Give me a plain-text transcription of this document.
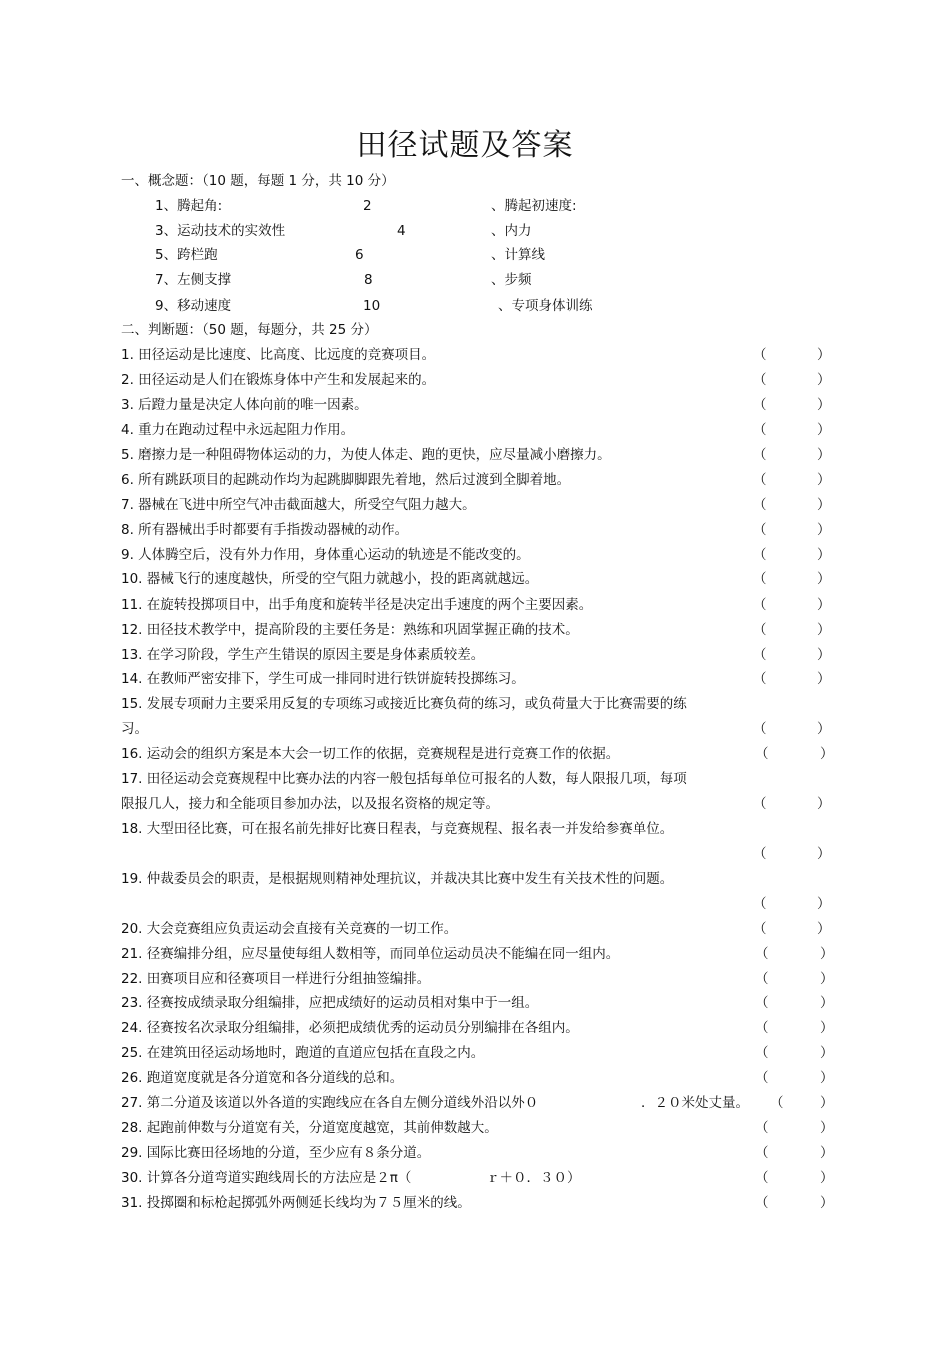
田径试题及答案
一、概念题：（10 题，每题 1 分，共 10 分）
1、腾起角:	2	、腾起初速度:
3、运动技术的实效性	4	、内力
5、跨栏跑	6	、计算线
7、左侧支撑	8	、步频
9、移动速度	10	、专项身体训练
二、判断题：（50 题，每题分，共 25 分）
1. 田径运动是比速度、比高度、比远度的竞赛项目。	（	）
2. 田径运动是人们在锻炼身体中产生和发展起来的。	（	）
3. 后蹬力量是决定人体向前的唯一因素。	（	）
4. 重力在跑动过程中永远起阻力作用。	（	）
5. 磨擦力是一种阻碍物体运动的力，为使人体走、跑的更快，应尽量减小磨擦力。	（	）
6. 所有跳跃项目的起跳动作均为起跳脚脚跟先着地，然后过渡到全脚着地。	（	）
7. 器械在飞进中所空气冲击截面越大，所受空气阻力越大。	（	）
8. 所有器械出手时都要有手指拨动器械的动作。	（	）
9. 人体腾空后，没有外力作用，身体重心运动的轨迹是不能改变的。	（	）
10. 器械飞行的速度越快，所受的空气阻力就越小，投的距离就越远。	（	）
11. 在旋转投掷项目中，出手角度和旋转半径是决定出手速度的两个主要因素。	（	）
12. 田径技术教学中，提高阶段的主要任务是：熟练和巩固掌握正确的技术。	（	）
13. 在学习阶段，学生产生错误的原因主要是身体素质较差。	（	）
14. 在教师严密安排下，学生可成一排同时进行铁饼旋转投掷练习。	（	）
15. 发展专项耐力主要采用反复的专项练习或接近比赛负荷的练习，或负荷量大于比赛需要的练
习。	（	）
16. 运动会的组织方案是本大会一切工作的依据，竞赛规程是进行竞赛工作的依据。	（	）
17. 田径运动会竞赛规程中比赛办法的内容一般包括每单位可报名的人数，每人限报几项，每项
限报几人，接力和全能项目参加办法，以及报名资格的规定等。	（	）
18. 大型田径比赛，可在报名前先排好比赛日程表，与竞赛规程、报名表一并发给参赛单位。
（	）
19. 仲裁委员会的职责，是根据规则精神处理抗议，并裁决其比赛中发生有关技术性的问题。
（	）
20. 大会竞赛组应负责运动会直接有关竞赛的一切工作。	（	）
21. 径赛编排分组，应尽量使每组人数相等，而同单位运动员决不能编在同一组内。	（	）
22. 田赛项目应和径赛项目一样进行分组抽签编排。	（	）
23. 径赛按成绩录取分组编排，应把成绩好的运动员相对集中于一组。	（	）
24. 径赛按名次录取分组编排，必须把成绩优秀的运动员分别编排在各组内。	（	）
25. 在建筑田径运动场地时，跑道的直道应包括在直段之内。	（	）
26. 跑道宽度就是各分道宽和各分道线的总和。	（	）
27. 第二分道及该道以外各道的实跑线应在各自左侧分道线外沿以外０	．２０米处丈量。 （	）
28. 起跑前伸数与分道宽有关，分道宽度越宽，其前伸数越大。	（	）
29. 国际比赛田径场地的分道，至少应有８条分道。	（	）
30. 计算各分道弯道实跑线周长的方法应是２π（	ｒ＋０．３０）	（	）
31. 投掷圈和标枪起掷弧外两侧延长线均为７５厘米的线。	（	）
